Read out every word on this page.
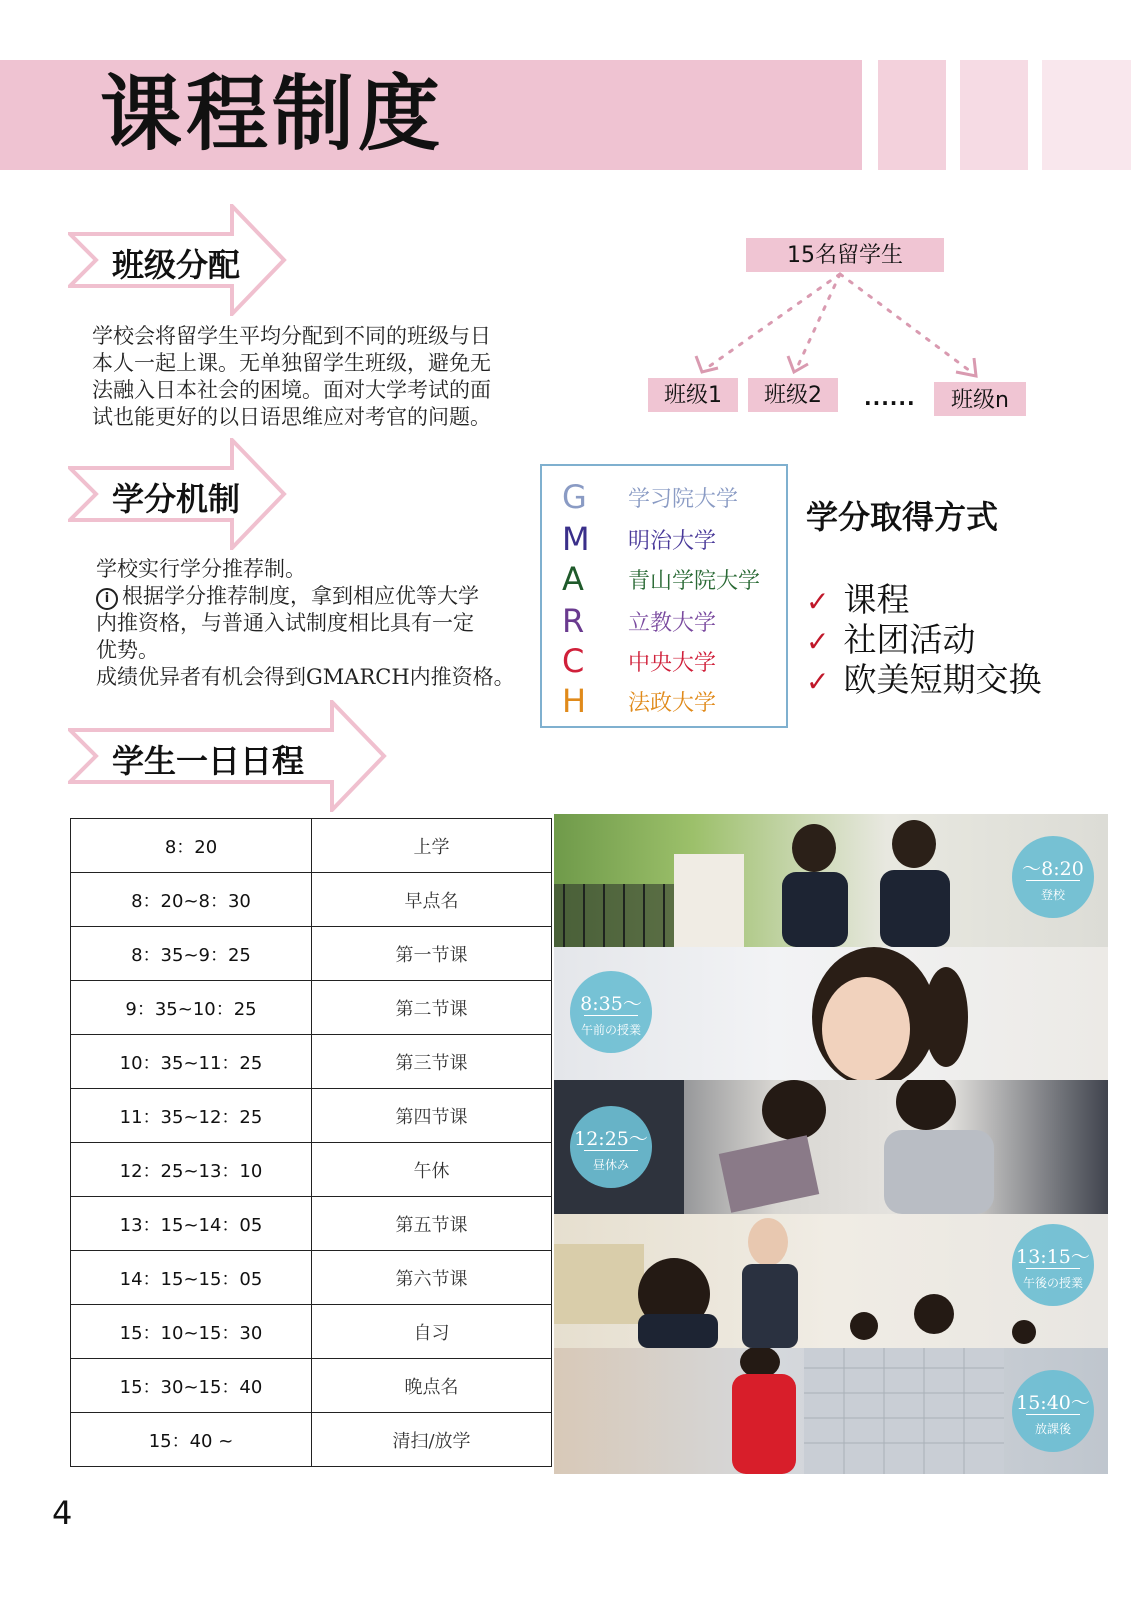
课程制度
班级分配
学校会将留学生平均分配到不同的班级与日
本人一起上课。无单独留学生班级，避免无
法融入日本社会的困境。面对大学考试的面
试也能更好的以日语思维应对考官的问题。
15名留学生
班级1	班级2	......	班级n
学分机制
学校实行学分推荐制。
i 根据学分推荐制度，拿到相应优等大学
内推资格，与普通入试制度相比具有一定
优势。
成绩优异者有机会得到GMARCH内推资格。
G 学习院大学
M 明治大学
A 青山学院大学
R 立教大学
C 中央大学
H 法政大学
学分取得方式
✓ 课程
✓ 社团活动
✓ 欧美短期交换
学生一日日程
8：20	上学
8：20~8：30	早点名
8：35~9：25	第一节课
9：35~10：25	第二节课
10：35~11：25	第三节课
11：35~12：25	第四节课
12：25~13：10	午休
13：15~14：05	第五节课
14：15~15：05	第六节课
15：10~15：30	自习
15：30~15：40	晚点名
15：40 ~	清扫/放学
～8:20
登校
8:35～
午前の授業
12:25～
昼休み
13:15～
午後の授業
15:40～
放課後
4
